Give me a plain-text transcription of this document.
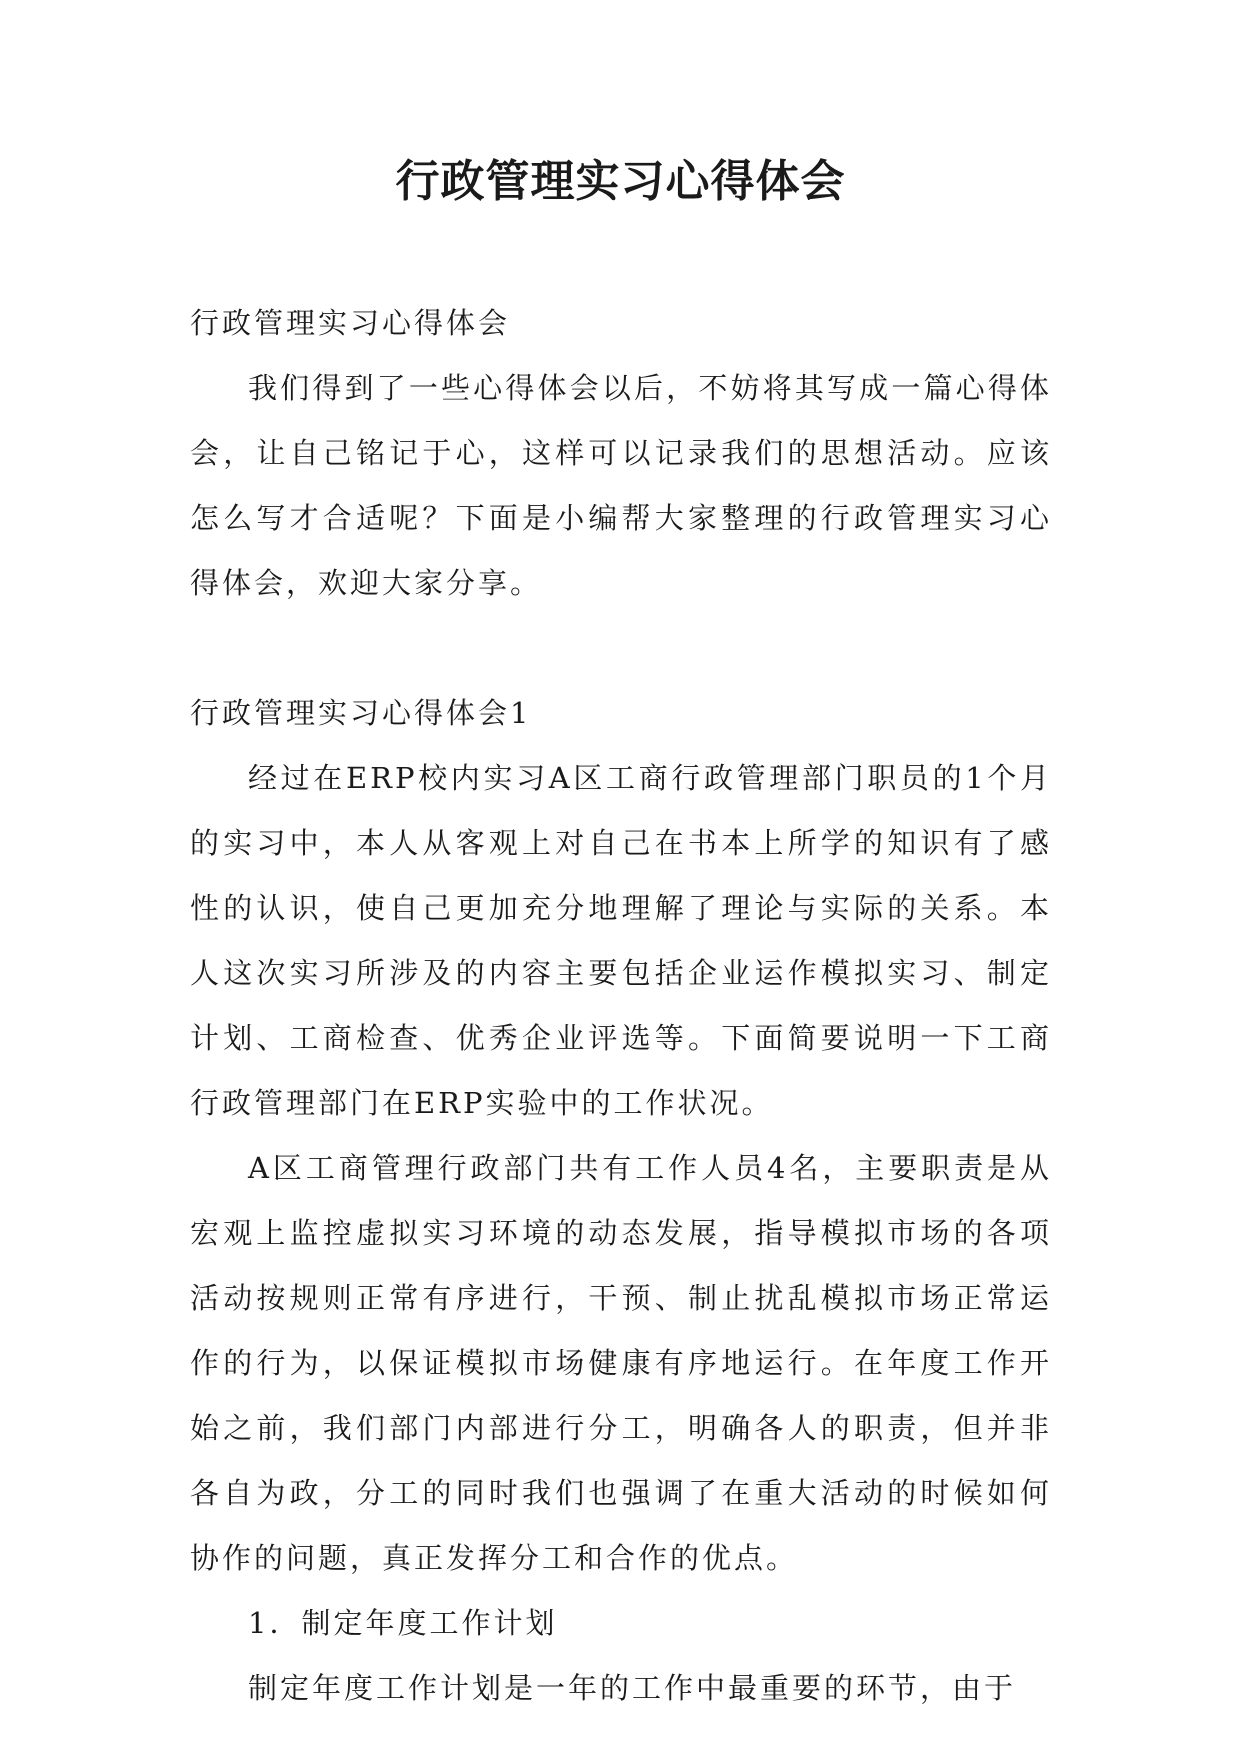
行政管理实习心得体会

行政管理实习心得体会

我们得到了一些心得体会以后，不妨将其写成一篇心得体会，让自己铭记于心，这样可以记录我们的思想活动。应该怎么写才合适呢？下面是小编帮大家整理的行政管理实习心得体会，欢迎大家分享。

行政管理实习心得体会1

经过在ERP校内实习A区工商行政管理部门职员的1个月的实习中，本人从客观上对自己在书本上所学的知识有了感性的认识，使自己更加充分地理解了理论与实际的关系。本人这次实习所涉及的内容主要包括企业运作模拟实习、制定计划、工商检查、优秀企业评选等。下面简要说明一下工商行政管理部门在ERP实验中的工作状况。

A区工商管理行政部门共有工作人员4名，主要职责是从宏观上监控虚拟实习环境的动态发展，指导模拟市场的各项活动按规则正常有序进行，干预、制止扰乱模拟市场正常运作的行为，以保证模拟市场健康有序地运行。在年度工作开始之前，我们部门内部进行分工，明确各人的职责，但并非各自为政，分工的同时我们也强调了在重大活动的时候如何协作的问题，真正发挥分工和合作的优点。

1．制定年度工作计划

制定年度工作计划是一年的工作中最重要的环节，由于
